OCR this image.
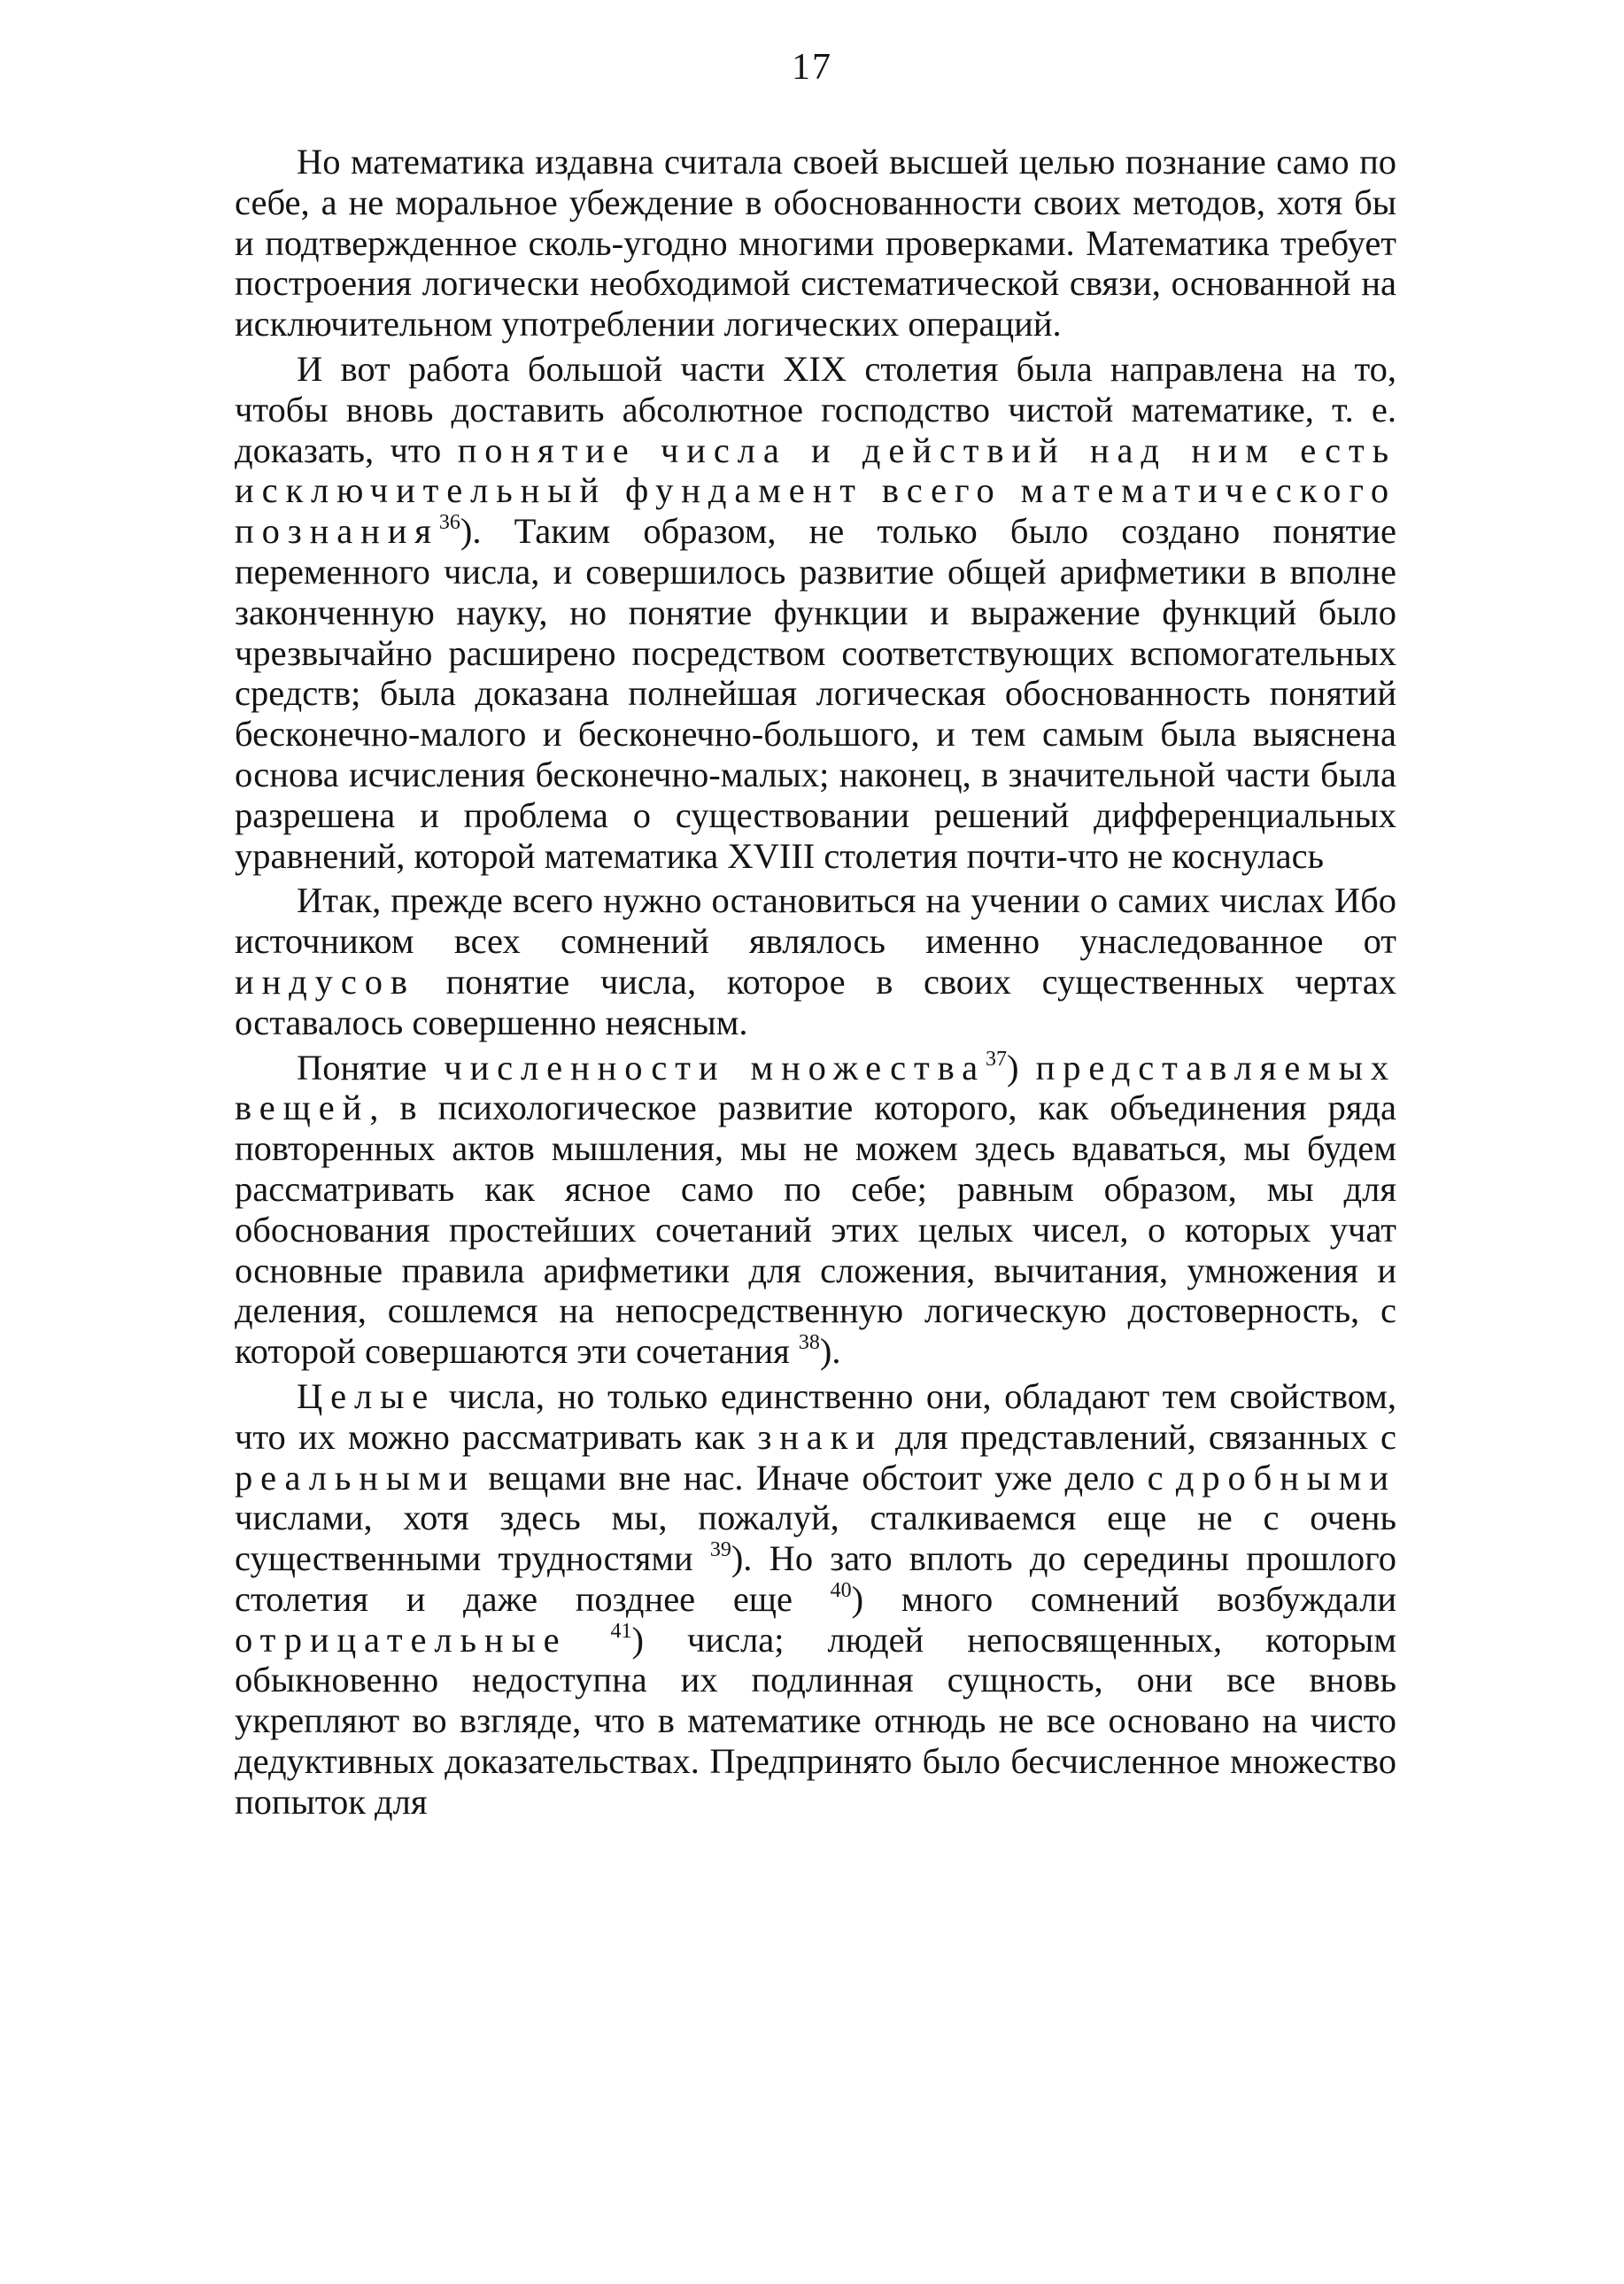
17

Но математика издавна считала своей высшей целью познание само по себе, а не моральное убеждение в обоснованности своих методов, хотя бы и подтвержденное сколь-угодно многими проверками. Математика требует построения логически необходимой систематической связи, основанной на исключительном употреблении логических операций.

И вот работа большой части XIX столетия была направлена на то, чтобы вновь доставить абсолютное господство чистой математике, т. е. доказать, что понятие числа и действий над ним есть исключительный фундамент всего математического познания$^{36}$). Таким образом, не только было создано понятие переменного числа, и совершилось развитие общей арифметики в вполне законченную науку, но понятие функции и выражение функций было чрезвычайно расширено посредством соответствующих вспомогательных средств; была доказана полнейшая логическая обоснованность понятий бесконечно-малого и бесконечно-большого, и тем самым была выяснена основа исчисления бесконечно-малых; наконец, в значительной части была разрешена и проблема о существовании решений дифференциальных уравнений, которой математика XVIII столетия почти-что не коснулась

Итак, прежде всего нужно остановиться на учении о самих числах Ибо источником всех сомнений являлось именно унаследованное от индусов понятие числа, которое в своих существенных чертах оставалось совершенно неясным.

Понятие численности множества$^{37}$) представляемых вещей, в психологическое развитие которого, как объединения ряда повторенных актов мышления, мы не можем здесь вдаваться, мы будем рассматривать как ясное само по себе; равным образом, мы для обоснования простейших сочетаний этих целых чисел, о которых учат основные правила арифметики для сложения, вычитания, умножения и деления, сошлемся на непосредственную логическую достоверность, с которой совершаются эти сочетания $^{38}$).

Целые числа, но только единственно они, обладают тем свойством, что их можно рассматривать как знаки для представлений, связанных с реальными вещами вне нас. Иначе обстоит уже дело с дробными числами, хотя здесь мы, пожалуй, сталкиваемся еще не с очень существенными трудностями $^{39}$). Но зато вплоть до середины прошлого столетия и даже позднее еще $^{40}$) много сомнений возбуждали отрицательные $^{41}$) числа; людей непосвященных, которым обыкновенно недоступна их подлинная сущность, они все вновь укрепляют во взгляде, что в математике отнюдь не все основано на чисто дедуктивных доказательствах. Предпринято было бесчисленное множество попыток для
